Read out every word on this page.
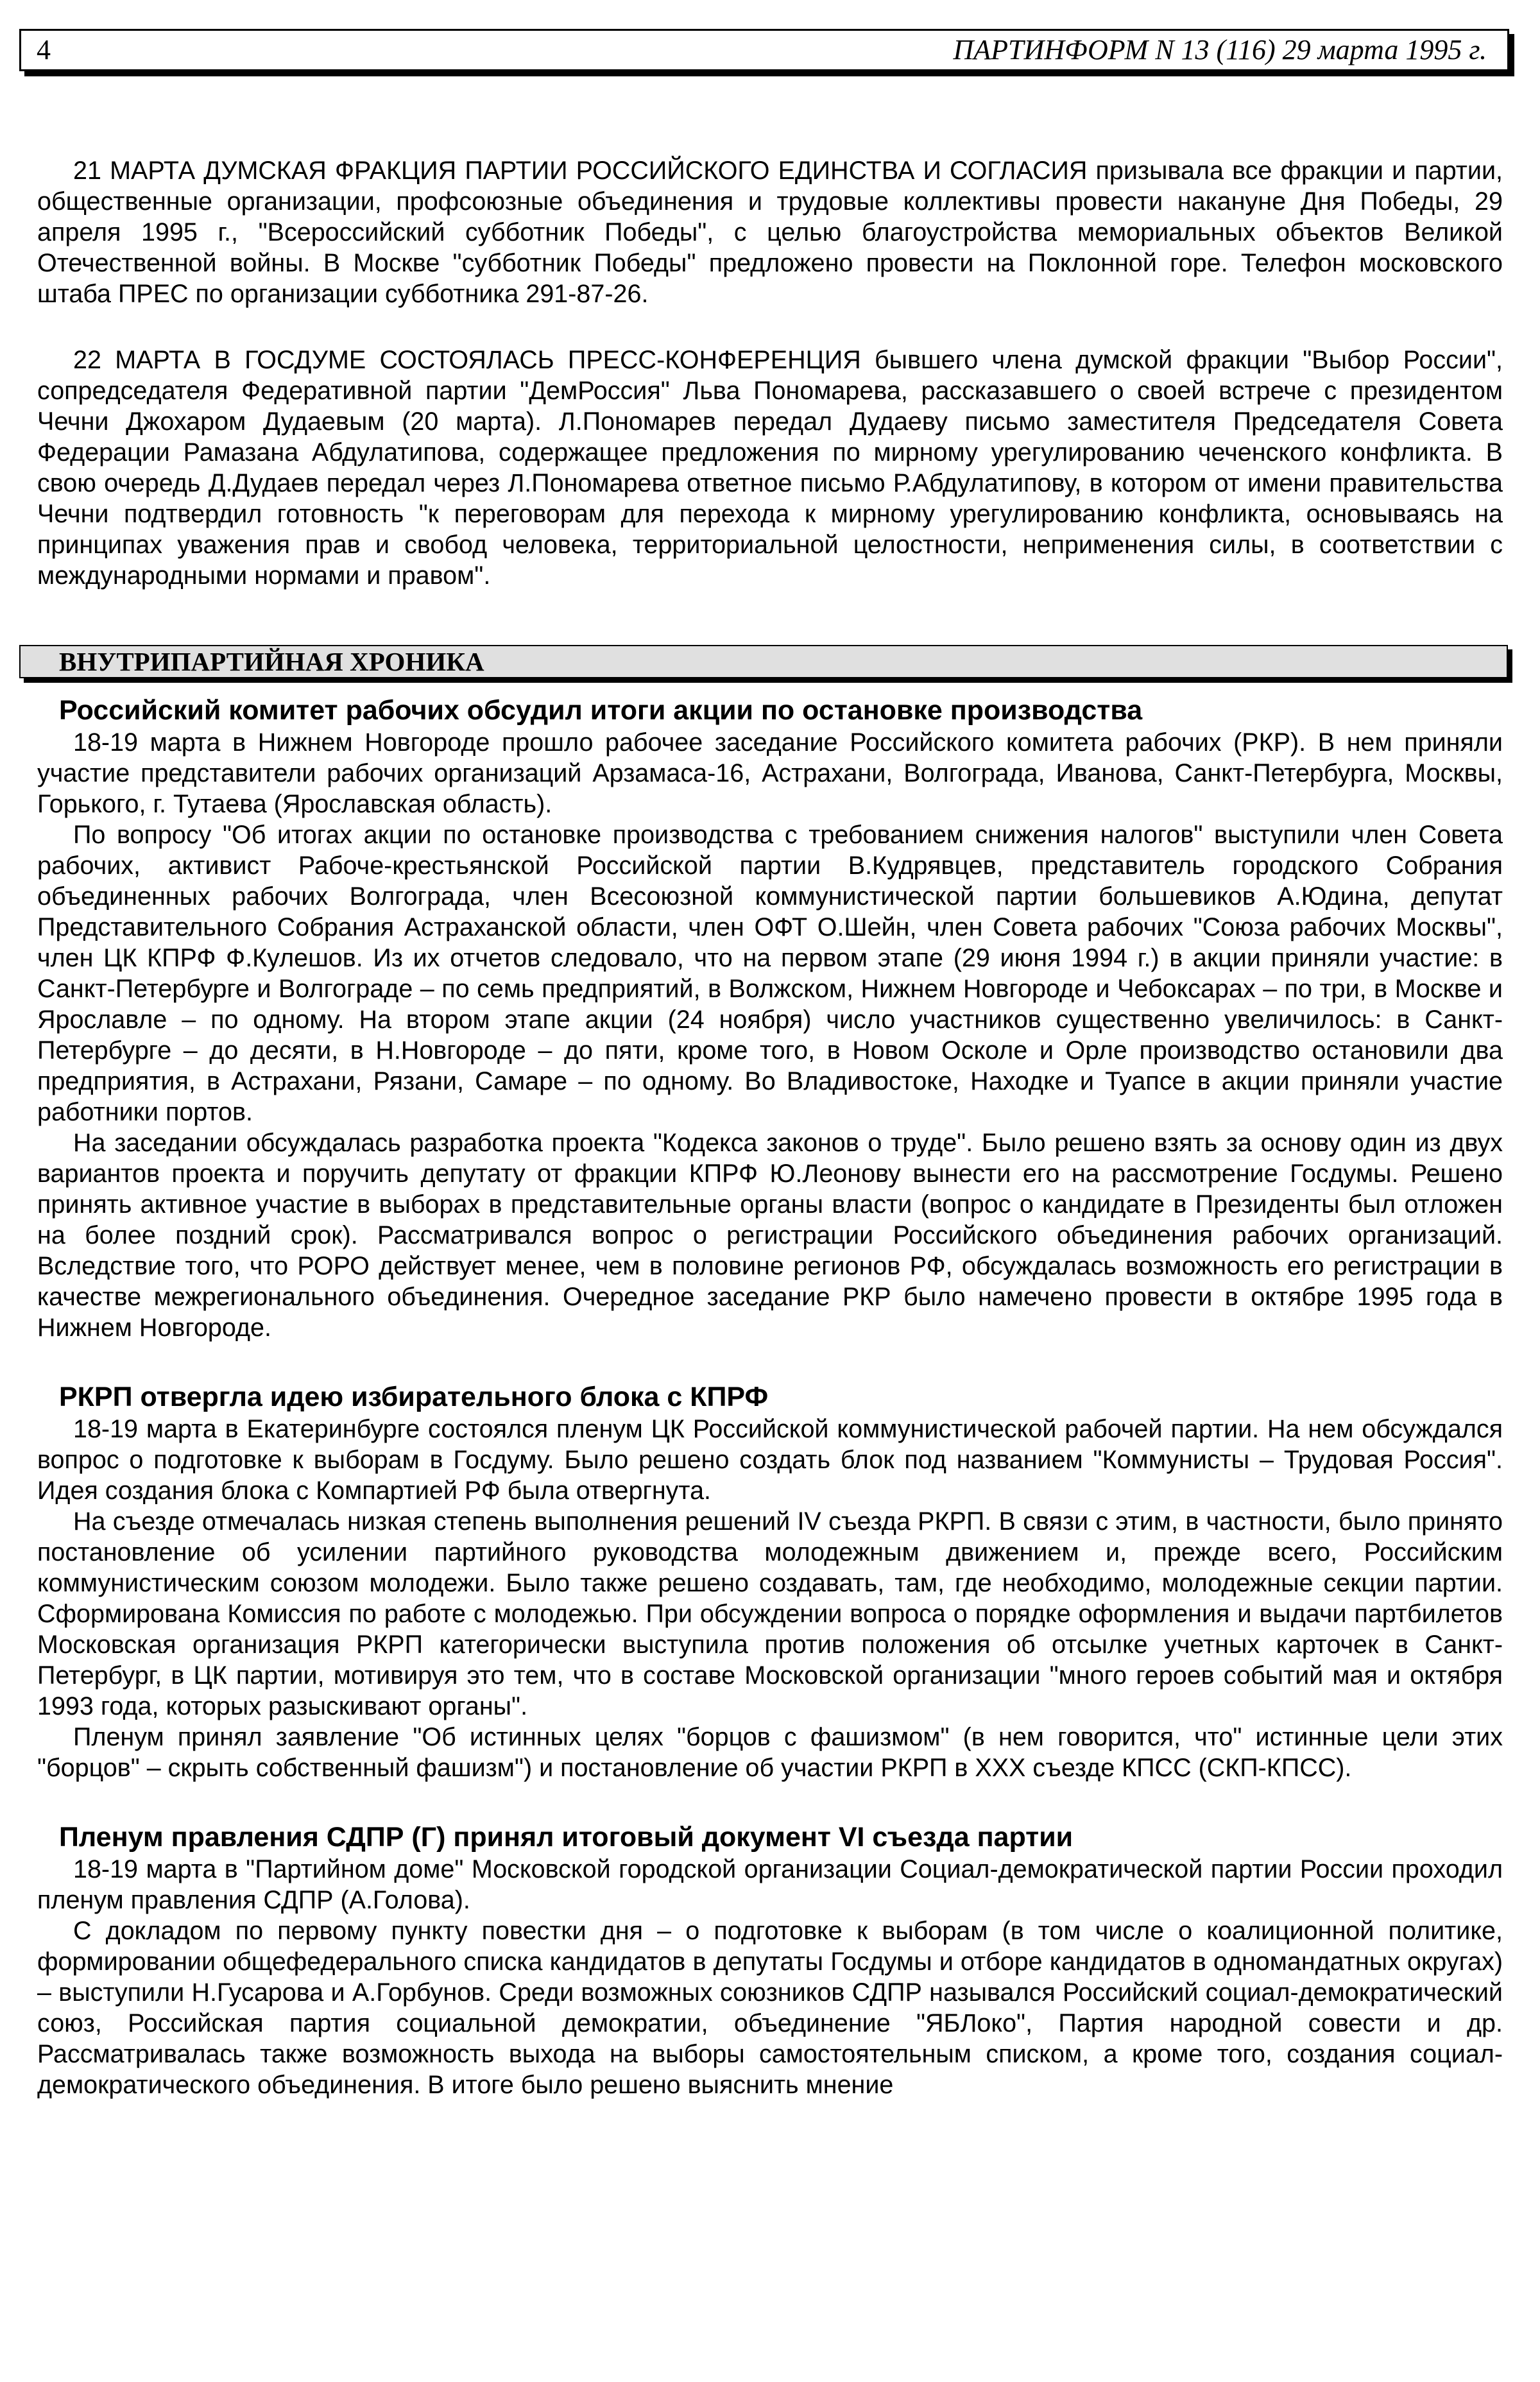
4	ПАРТИНФОРМ N 13 (116) 29 марта 1995 г.

21 МАРТА ДУМСКАЯ ФРАКЦИЯ ПАРТИИ РОССИЙСКОГО ЕДИНСТВА И СОГЛАСИЯ призывала все фракции и партии, общественные организации, профсоюзные объединения и трудовые коллективы провести накануне Дня Победы, 29 апреля 1995 г., "Всероссийский субботник Победы", с целью благоустройства мемориальных объектов Великой Отечественной войны. В Москве "субботник Победы" предложено провести на Поклонной горе. Телефон московского штаба ПРЕС по организации субботника 291-87-26.

22 МАРТА В ГОСДУМЕ СОСТОЯЛАСЬ ПРЕСС-КОНФЕРЕНЦИЯ бывшего члена думской фракции "Выбор России", сопредседателя Федеративной партии "ДемРоссия" Льва Пономарева, рассказавшего о своей встрече с президентом Чечни Джохаром Дудаевым (20 марта). Л.Пономарев передал Дудаеву письмо заместителя Председателя Совета Федерации Рамазана Абдулатипова, содержащее предложения по мирному урегулированию чеченского конфликта. В свою очередь Д.Дудаев передал через Л.Пономарева ответное письмо Р.Абдулатипову, в котором от имени правительства Чечни подтвердил готовность "к переговорам для перехода к мирному урегулированию конфликта, основываясь на принципах уважения прав и свобод человека, территориальной целостности, неприменения силы, в соответствии с международными нормами и правом".

ВНУТРИПАРТИЙНАЯ ХРОНИКА
Российский комитет рабочих обсудил итоги акции по остановке производства

18-19 марта в Нижнем Новгороде прошло рабочее заседание Российского комитета рабочих (РКР). В нем приняли участие представители рабочих организаций Арзамаса-16, Астрахани, Волгограда, Иванова, Санкт-Петербурга, Москвы, Горького, г. Тутаева (Ярославская область).

По вопросу "Об итогах акции по остановке производства с требованием снижения налогов" выступили член Совета рабочих, активист Рабоче-крестьянской Российской партии В.Кудрявцев, представитель городского Собрания объединенных рабочих Волгограда, член Всесоюзной коммунистической партии большевиков А.Юдина, депутат Представительного Собрания Астраханской области, член ОФТ О.Шейн, член Совета рабочих "Союза рабочих Москвы", член ЦК КПРФ Ф.Кулешов. Из их отчетов следовало, что на первом этапе (29 июня 1994 г.) в акции приняли участие: в Санкт-Петербурге и Волгограде – по семь предприятий, в Волжском, Нижнем Новгороде и Чебоксарах – по три, в Москве и Ярославле – по одному. На втором этапе акции (24 ноября) число участников существенно увеличилось: в Санкт-Петербурге – до десяти, в Н.Новгороде – до пяти, кроме того, в Новом Осколе и Орле производство остановили два предприятия, в Астрахани, Рязани, Самаре – по одному. Во Владивостоке, Находке и Туапсе в акции приняли участие работники портов.

На заседании обсуждалась разработка проекта "Кодекса законов о труде". Было решено взять за основу один из двух вариантов проекта и поручить депутату от фракции КПРФ Ю.Леонову вынести его на рассмотрение Госдумы. Решено принять активное участие в выборах в представительные органы власти (вопрос о кандидате в Президенты был отложен на более поздний срок). Рассматривался вопрос о регистрации Российского объединения рабочих организаций. Вследствие того, что РОРО действует менее, чем в половине регионов РФ, обсуждалась возможность его регистрации в качестве межрегионального объединения. Очередное заседание РКР было намечено провести в октябре 1995 года в Нижнем Новгороде.

РКРП отвергла идею избирательного блока с КПРФ

18-19 марта в Екатеринбурге состоялся пленум ЦК Российской коммунистической рабочей партии. На нем обсуждался вопрос о подготовке к выборам в Госдуму. Было решено создать блок под названием "Коммунисты – Трудовая Россия". Идея создания блока с Компартией РФ была отвергнута.

На съезде отмечалась низкая степень выполнения решений IV съезда РКРП. В связи с этим, в частности, было принято постановление об усилении партийного руководства молодежным движением и, прежде всего, Российским коммунистическим союзом молодежи. Было также решено создавать, там, где необходимо, молодежные секции партии. Сформирована Комиссия по работе с молодежью. При обсуждении вопроса о порядке оформления и выдачи партбилетов Московская организация РКРП категорически выступила против положения об отсылке учетных карточек в Санкт-Петербург, в ЦК партии, мотивируя это тем, что в составе Московской организации "много героев событий мая и октября 1993 года, которых разыскивают органы".

Пленум принял заявление "Об истинных целях "борцов с фашизмом" (в нем говорится, что" истинные цели этих "борцов" – скрыть собственный фашизм") и постановление об участии РКРП в XXX съезде КПСС (СКП-КПСС).

Пленум правления СДПР (Г) принял итоговый документ VI съезда партии

18-19 марта в "Партийном доме" Московской городской организации Социал-демократической партии России проходил пленум правления СДПР (А.Голова).

С докладом по первому пункту повестки дня – о подготовке к выборам (в том числе о коалиционной политике, формировании общефедерального списка кандидатов в депутаты Госдумы и отборе кандидатов в одномандатных округах) – выступили Н.Гусарова и А.Горбунов. Среди возможных союзников СДПР назывался Российский социал-демократический союз, Российская партия социальной демократии, объединение "ЯБЛоко", Партия народной совести и др. Рассматривалась также возможность выхода на выборы самостоятельным списком, а кроме того, создания социал-демократического объединения. В итоге было решено выяснить мнение
